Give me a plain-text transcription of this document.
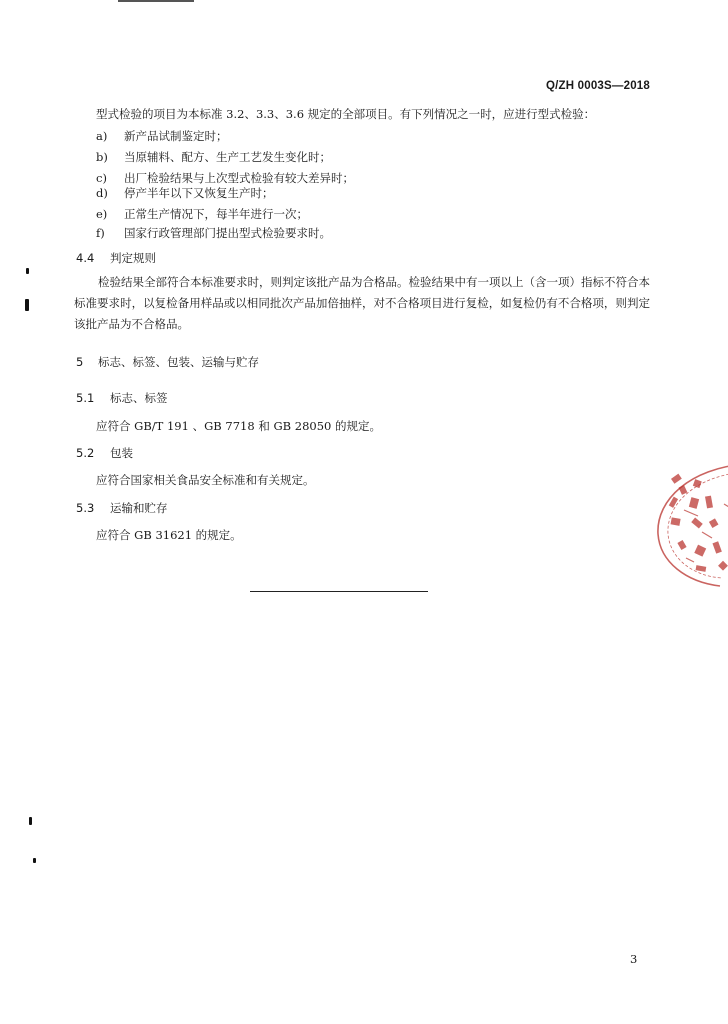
Q/ZH 0003S—2018
型式检验的项目为本标准 3.2、3.3、3.6 规定的全部项目。有下列情况之一时，应进行型式检验：
a) 新产品试制鉴定时；
b) 当原辅料、配方、生产工艺发生变化时；
c) 出厂检验结果与上次型式检验有较大差异时；
d) 停产半年以下又恢复生产时；
e) 正常生产情况下，每半年进行一次；
f) 国家行政管理部门提出型式检验要求时。
4.4 判定规则
检验结果全部符合本标准要求时，则判定该批产品为合格品。检验结果中有一项以上（含一项）指标不符合本标准要求时，以复检备用样品或以相同批次产品加倍抽样，对不合格项目进行复检，如复检仍有不合格项，则判定该批产品为不合格品。
5 标志、标签、包装、运输与贮存
5.1 标志、标签
应符合 GB/T 191 、GB 7718 和 GB 28050 的规定。
5.2 包装
应符合国家相关食品安全标准和有关规定。
5.3 运输和贮存
应符合 GB 31621 的规定。
3
